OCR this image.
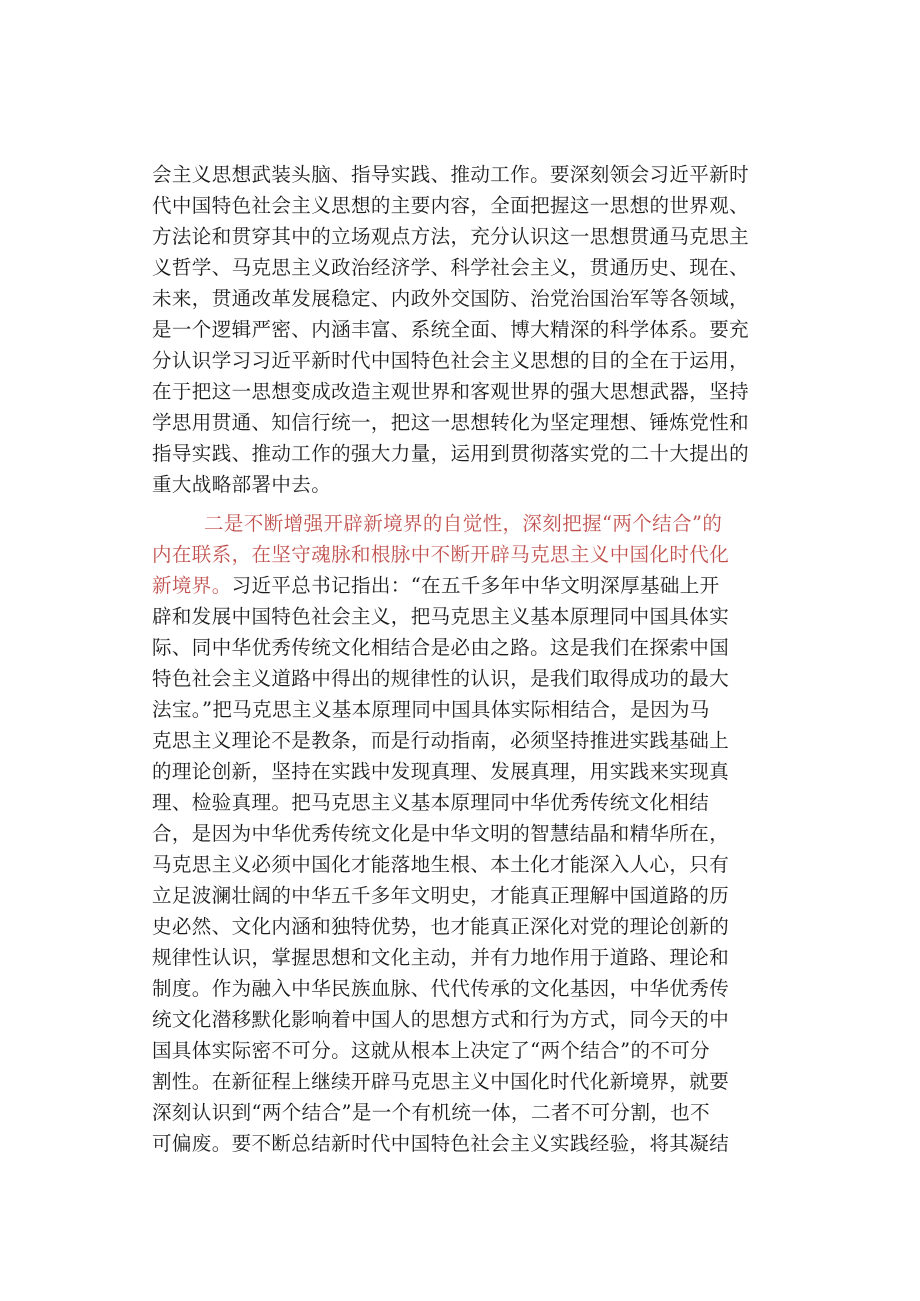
会主义思想武装头脑、指导实践、推动工作。要深刻领会习近平新时
代中国特色社会主义思想的主要内容，全面把握这一思想的世界观、
方法论和贯穿其中的立场观点方法，充分认识这一思想贯通马克思主
义哲学、马克思主义政治经济学、科学社会主义，贯通历史、现在、
未来，贯通改革发展稳定、内政外交国防、治党治国治军等各领域，
是一个逻辑严密、内涵丰富、系统全面、博大精深的科学体系。要充
分认识学习习近平新时代中国特色社会主义思想的目的全在于运用，
在于把这一思想变成改造主观世界和客观世界的强大思想武器，坚持
学思用贯通、知信行统一，把这一思想转化为坚定理想、锤炼党性和
指导实践、推动工作的强大力量，运用到贯彻落实党的二十大提出的
重大战略部署中去。
二是不断增强开辟新境界的自觉性，深刻把握“两个结合”的
内在联系，在坚守魂脉和根脉中不断开辟马克思主义中国化时代化
新境界。习近平总书记指出：“在五千多年中华文明深厚基础上开
辟和发展中国特色社会主义，把马克思主义基本原理同中国具体实
际、同中华优秀传统文化相结合是必由之路。这是我们在探索中国
特色社会主义道路中得出的规律性的认识，是我们取得成功的最大
法宝。”把马克思主义基本原理同中国具体实际相结合，是因为马
克思主义理论不是教条，而是行动指南，必须坚持推进实践基础上
的理论创新，坚持在实践中发现真理、发展真理，用实践来实现真
理、检验真理。把马克思主义基本原理同中华优秀传统文化相结
合，是因为中华优秀传统文化是中华文明的智慧结晶和精华所在，
马克思主义必须中国化才能落地生根、本土化才能深入人心，只有
立足波澜壮阔的中华五千多年文明史，才能真正理解中国道路的历
史必然、文化内涵和独特优势，也才能真正深化对党的理论创新的
规律性认识，掌握思想和文化主动，并有力地作用于道路、理论和
制度。作为融入中华民族血脉、代代传承的文化基因，中华优秀传
统文化潜移默化影响着中国人的思想方式和行为方式，同今天的中
国具体实际密不可分。这就从根本上决定了“两个结合”的不可分
割性。在新征程上继续开辟马克思主义中国化时代化新境界，就要
深刻认识到“两个结合”是一个有机统一体，二者不可分割，也不
可偏废。要不断总结新时代中国特色社会主义实践经验，将其凝结
